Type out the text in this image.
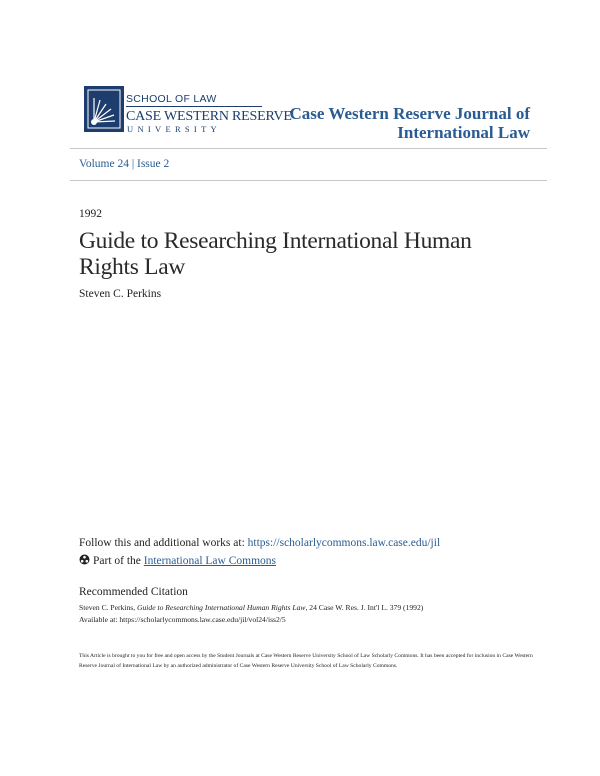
SCHOOL OF LAW
CASE WESTERN RESERVE
UNIVERSITY
Case Western Reserve Journal of
International Law
Volume 24 | Issue 2
1992
Guide to Researching International Human Rights Law
Steven C. Perkins
Follow this and additional works at: https://scholarlycommons.law.case.edu/jil
Part of the International Law Commons
Recommended Citation
Steven C. Perkins, Guide to Researching International Human Rights Law, 24 Case W. Res. J. Int'l L. 379 (1992)
Available at: https://scholarlycommons.law.case.edu/jil/vol24/iss2/5
This Article is brought to you for free and open access by the Student Journals at Case Western Reserve University School of Law Scholarly Commons. It has been accepted for inclusion in Case Western Reserve Journal of International Law by an authorized administrator of Case Western Reserve University School of Law Scholarly Commons.
